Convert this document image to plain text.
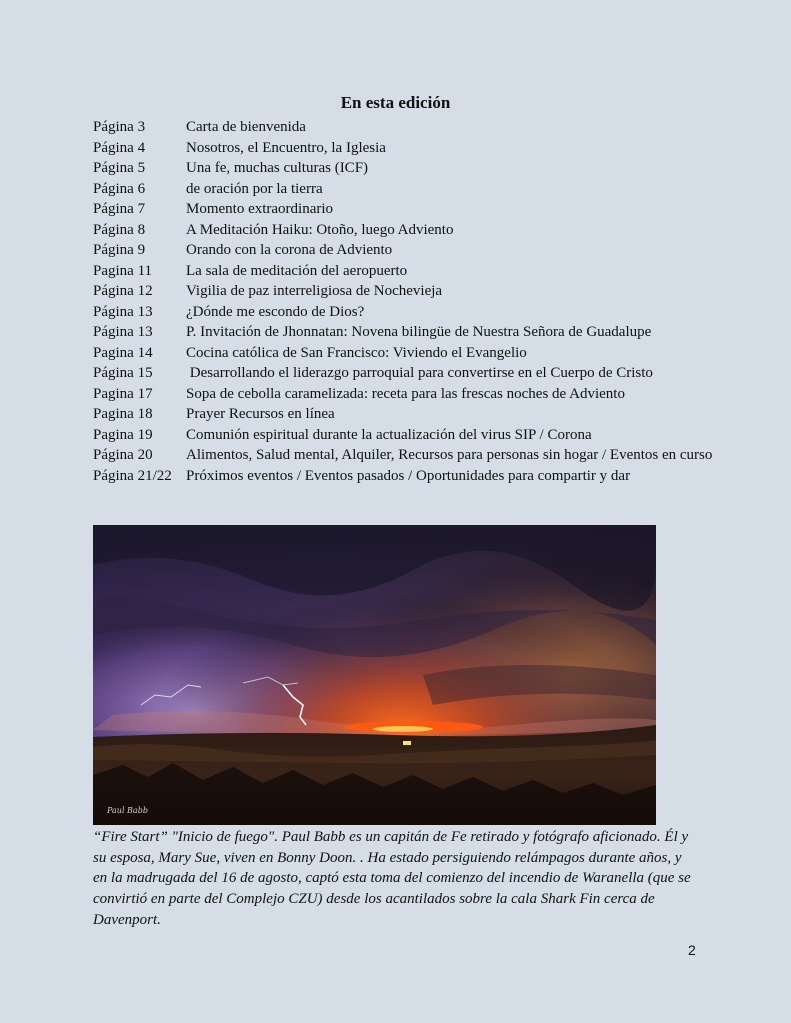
En esta edición
Página 3	Carta de bienvenida
Página 4	Nosotros, el Encuentro, la Iglesia
Página 5	Una fe, muchas culturas (ICF)
Página 6	de oración por la tierra
Página 7	Momento extraordinario
Página 8	A Meditación Haiku: Otoño, luego Adviento
Página 9	Orando con la corona de Adviento
Pagina 11	La sala de meditación del aeropuerto
Página 12	Vigilia de paz interreligiosa de Nochevieja
Página 13	¿Dónde me escondo de Dios?
Página 13	P. Invitación de Jhonnatan: Novena bilingüe de Nuestra Señora de Guadalupe
Pagina 14	Cocina católica de San Francisco: Viviendo el Evangelio
Página 15	Desarrollando el liderazgo parroquial para convertirse en el Cuerpo de Cristo
Pagina 17	Sopa de cebolla caramelizada: receta para las frescas noches de Adviento
Pagina 18	Prayer Recursos en línea
Pagina 19	Comunión espiritual durante la actualización del virus SIP / Corona
Página 20	Alimentos, Salud mental, Alquiler, Recursos para personas sin hogar / Eventos en curso
Página 21/22 Próximos eventos / Eventos pasados / Oportunidades para compartir y dar
Paul Babb
“Fire Start” "Inicio de fuego". Paul Babb es un capitán de Fe retirado y fotógrafo aficionado. Él y su esposa, Mary Sue, viven en Bonny Doon. . Ha estado persiguiendo relámpagos durante años, y en la madrugada del 16 de agosto, captó esta toma del comienzo del incendio de Waranella (que se convirtió en parte del Complejo CZU) desde los acantilados sobre la cala Shark Fin cerca de Davenport.
2
